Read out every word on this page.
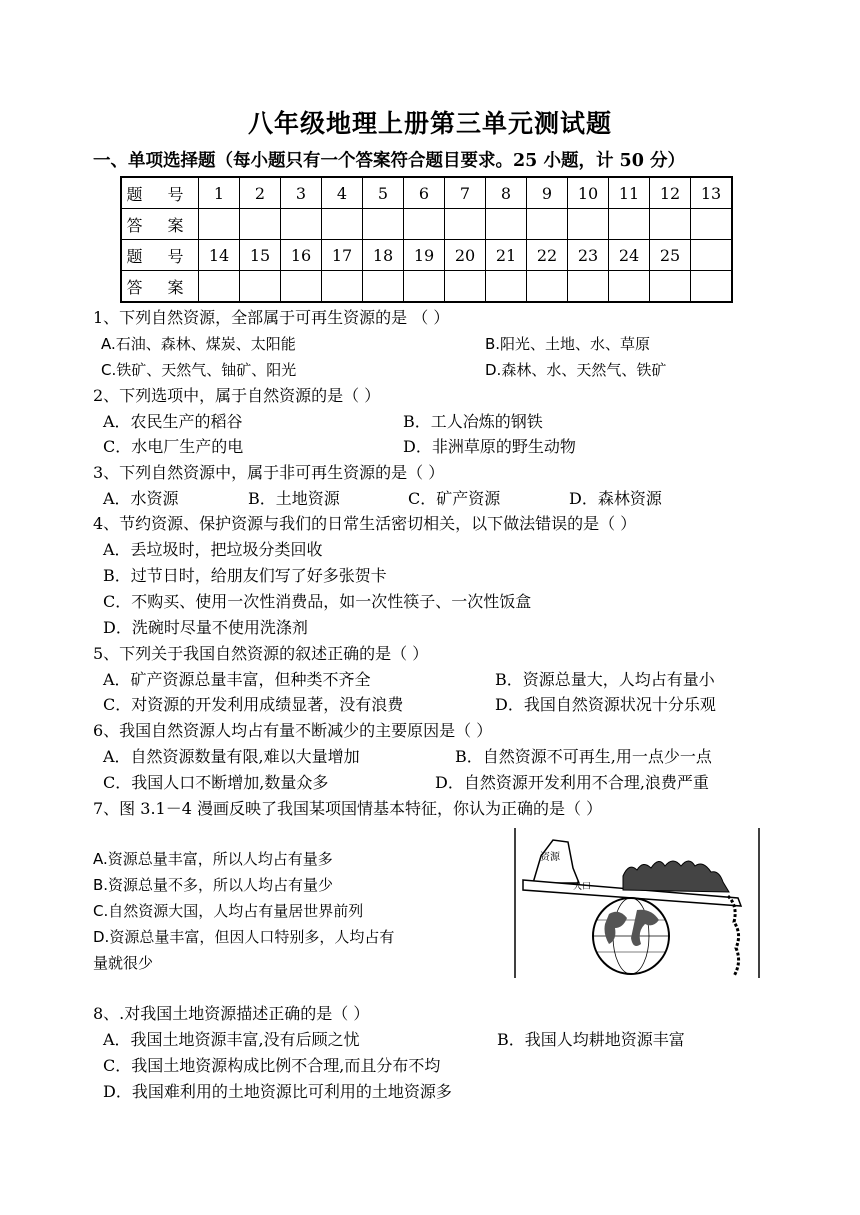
八年级地理上册第三单元测试题
一、单项选择题（每小题只有一个答案符合题目要求。25 小题，计 50 分）
题 号	1	2	3	4	5	6	7	8	9	10	11	12	13
答 案													
题 号	14	15	16	17	18	19	20	21	22	23	24	25	
答 案													
1、下列自然资源，全部属于可再生资源的是 （ ）
A.石油、森林、煤炭、太阳能	B.阳光、土地、水、草原
C.铁矿、天然气、铀矿、阳光	D.森林、水、天然气、铁矿
2、下列选项中，属于自然资源的是（ ）
A．农民生产的稻谷	B．工人冶炼的钢铁
C．水电厂生产的电	D．非洲草原的野生动物
3、下列自然资源中，属于非可再生资源的是（ ）
A．水资源	B．土地资源	C．矿产资源	D．森林资源
4、节约资源、保护资源与我们的日常生活密切相关，以下做法错误的是（ ）
A．丢垃圾时，把垃圾分类回收
B．过节日时，给朋友们写了好多张贺卡
C．不购买、使用一次性消费品，如一次性筷子、一次性饭盒
D．洗碗时尽量不使用洗涤剂
5、下列关于我国自然资源的叙述正确的是（ ）
A．矿产资源总量丰富，但种类不齐全	B．资源总量大，人均占有量小
C．对资源的开发利用成绩显著，没有浪费	D．我国自然资源状况十分乐观
6、我国自然资源人均占有量不断减少的主要原因是（ ）
A．自然资源数量有限,难以大量增加	B．自然资源不可再生,用一点少一点
C．我国人口不断增加,数量众多	D．自然资源开发利用不合理,浪费严重
7、图 3.1－4 漫画反映了我国某项国情基本特征，你认为正确的是（ ）
A.资源总量丰富，所以人均占有量多
B.资源总量不多，所以人均占有量少
C.自然资源大国，人均占有量居世界前列
D.资源总量丰富，但因人口特别多，人均占有
量就很少
资源
人口
8、.对我国土地资源描述正确的是（ ）
A．我国土地资源丰富,没有后顾之忧	B．我国人均耕地资源丰富
C．我国土地资源构成比例不合理,而且分布不均
D．我国难利用的土地资源比可利用的土地资源多
